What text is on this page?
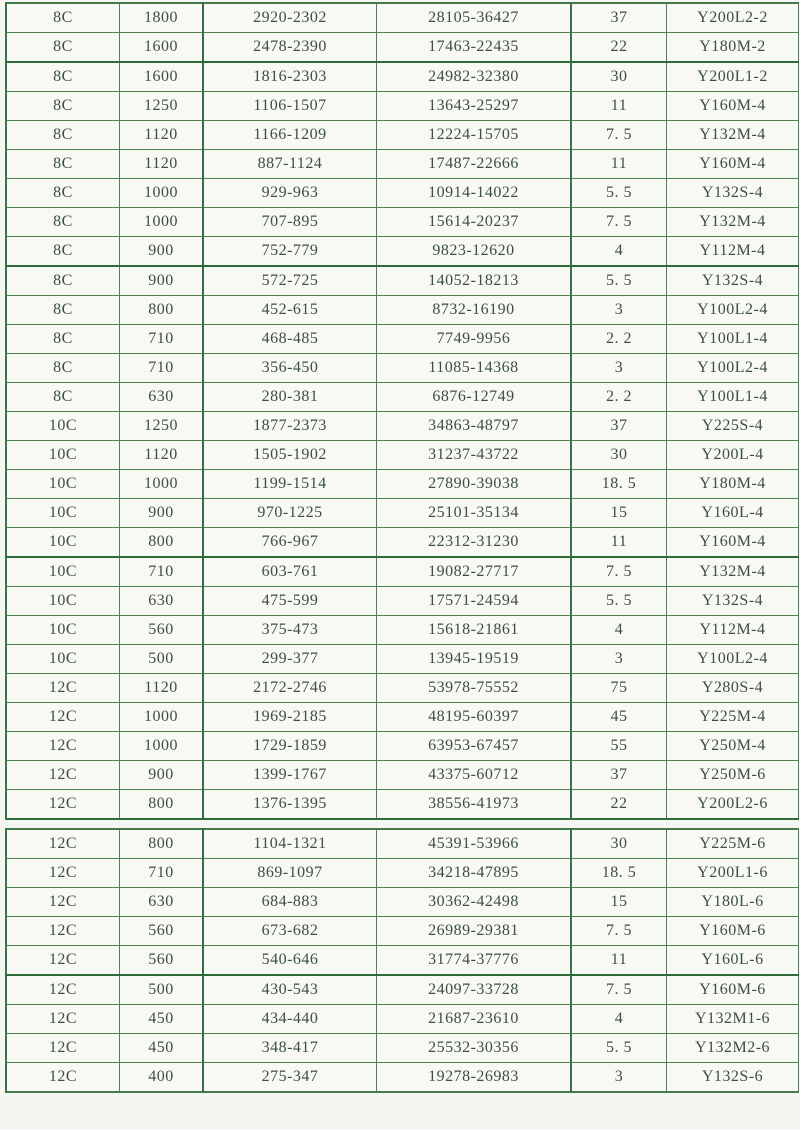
8C	1800	2920-2302	28105-36427	37	Y200L2-2
8C	1600	2478-2390	17463-22435	22	Y180M-2
8C	1600	1816-2303	24982-32380	30	Y200L1-2
8C	1250	1106-1507	13643-25297	11	Y160M-4
8C	1120	1166-1209	12224-15705	7. 5	Y132M-4
8C	1120	887-1124	17487-22666	11	Y160M-4
8C	1000	929-963	10914-14022	5. 5	Y132S-4
8C	1000	707-895	15614-20237	7. 5	Y132M-4
8C	900	752-779	9823-12620	4	Y112M-4
8C	900	572-725	14052-18213	5. 5	Y132S-4
8C	800	452-615	8732-16190	3	Y100L2-4
8C	710	468-485	7749-9956	2. 2	Y100L1-4
8C	710	356-450	11085-14368	3	Y100L2-4
8C	630	280-381	6876-12749	2. 2	Y100L1-4
10C	1250	1877-2373	34863-48797	37	Y225S-4
10C	1120	1505-1902	31237-43722	30	Y200L-4
10C	1000	1199-1514	27890-39038	18. 5	Y180M-4
10C	900	970-1225	25101-35134	15	Y160L-4
10C	800	766-967	22312-31230	11	Y160M-4
10C	710	603-761	19082-27717	7. 5	Y132M-4
10C	630	475-599	17571-24594	5. 5	Y132S-4
10C	560	375-473	15618-21861	4	Y112M-4
10C	500	299-377	13945-19519	3	Y100L2-4
12C	1120	2172-2746	53978-75552	75	Y280S-4
12C	1000	1969-2185	48195-60397	45	Y225M-4
12C	1000	1729-1859	63953-67457	55	Y250M-4
12C	900	1399-1767	43375-60712	37	Y250M-6
12C	800	1376-1395	38556-41973	22	Y200L2-6
12C	800	1104-1321	45391-53966	30	Y225M-6
12C	710	869-1097	34218-47895	18. 5	Y200L1-6
12C	630	684-883	30362-42498	15	Y180L-6
12C	560	673-682	26989-29381	7. 5	Y160M-6
12C	560	540-646	31774-37776	11	Y160L-6
12C	500	430-543	24097-33728	7. 5	Y160M-6
12C	450	434-440	21687-23610	4	Y132M1-6
12C	450	348-417	25532-30356	5. 5	Y132M2-6
12C	400	275-347	19278-26983	3	Y132S-6
